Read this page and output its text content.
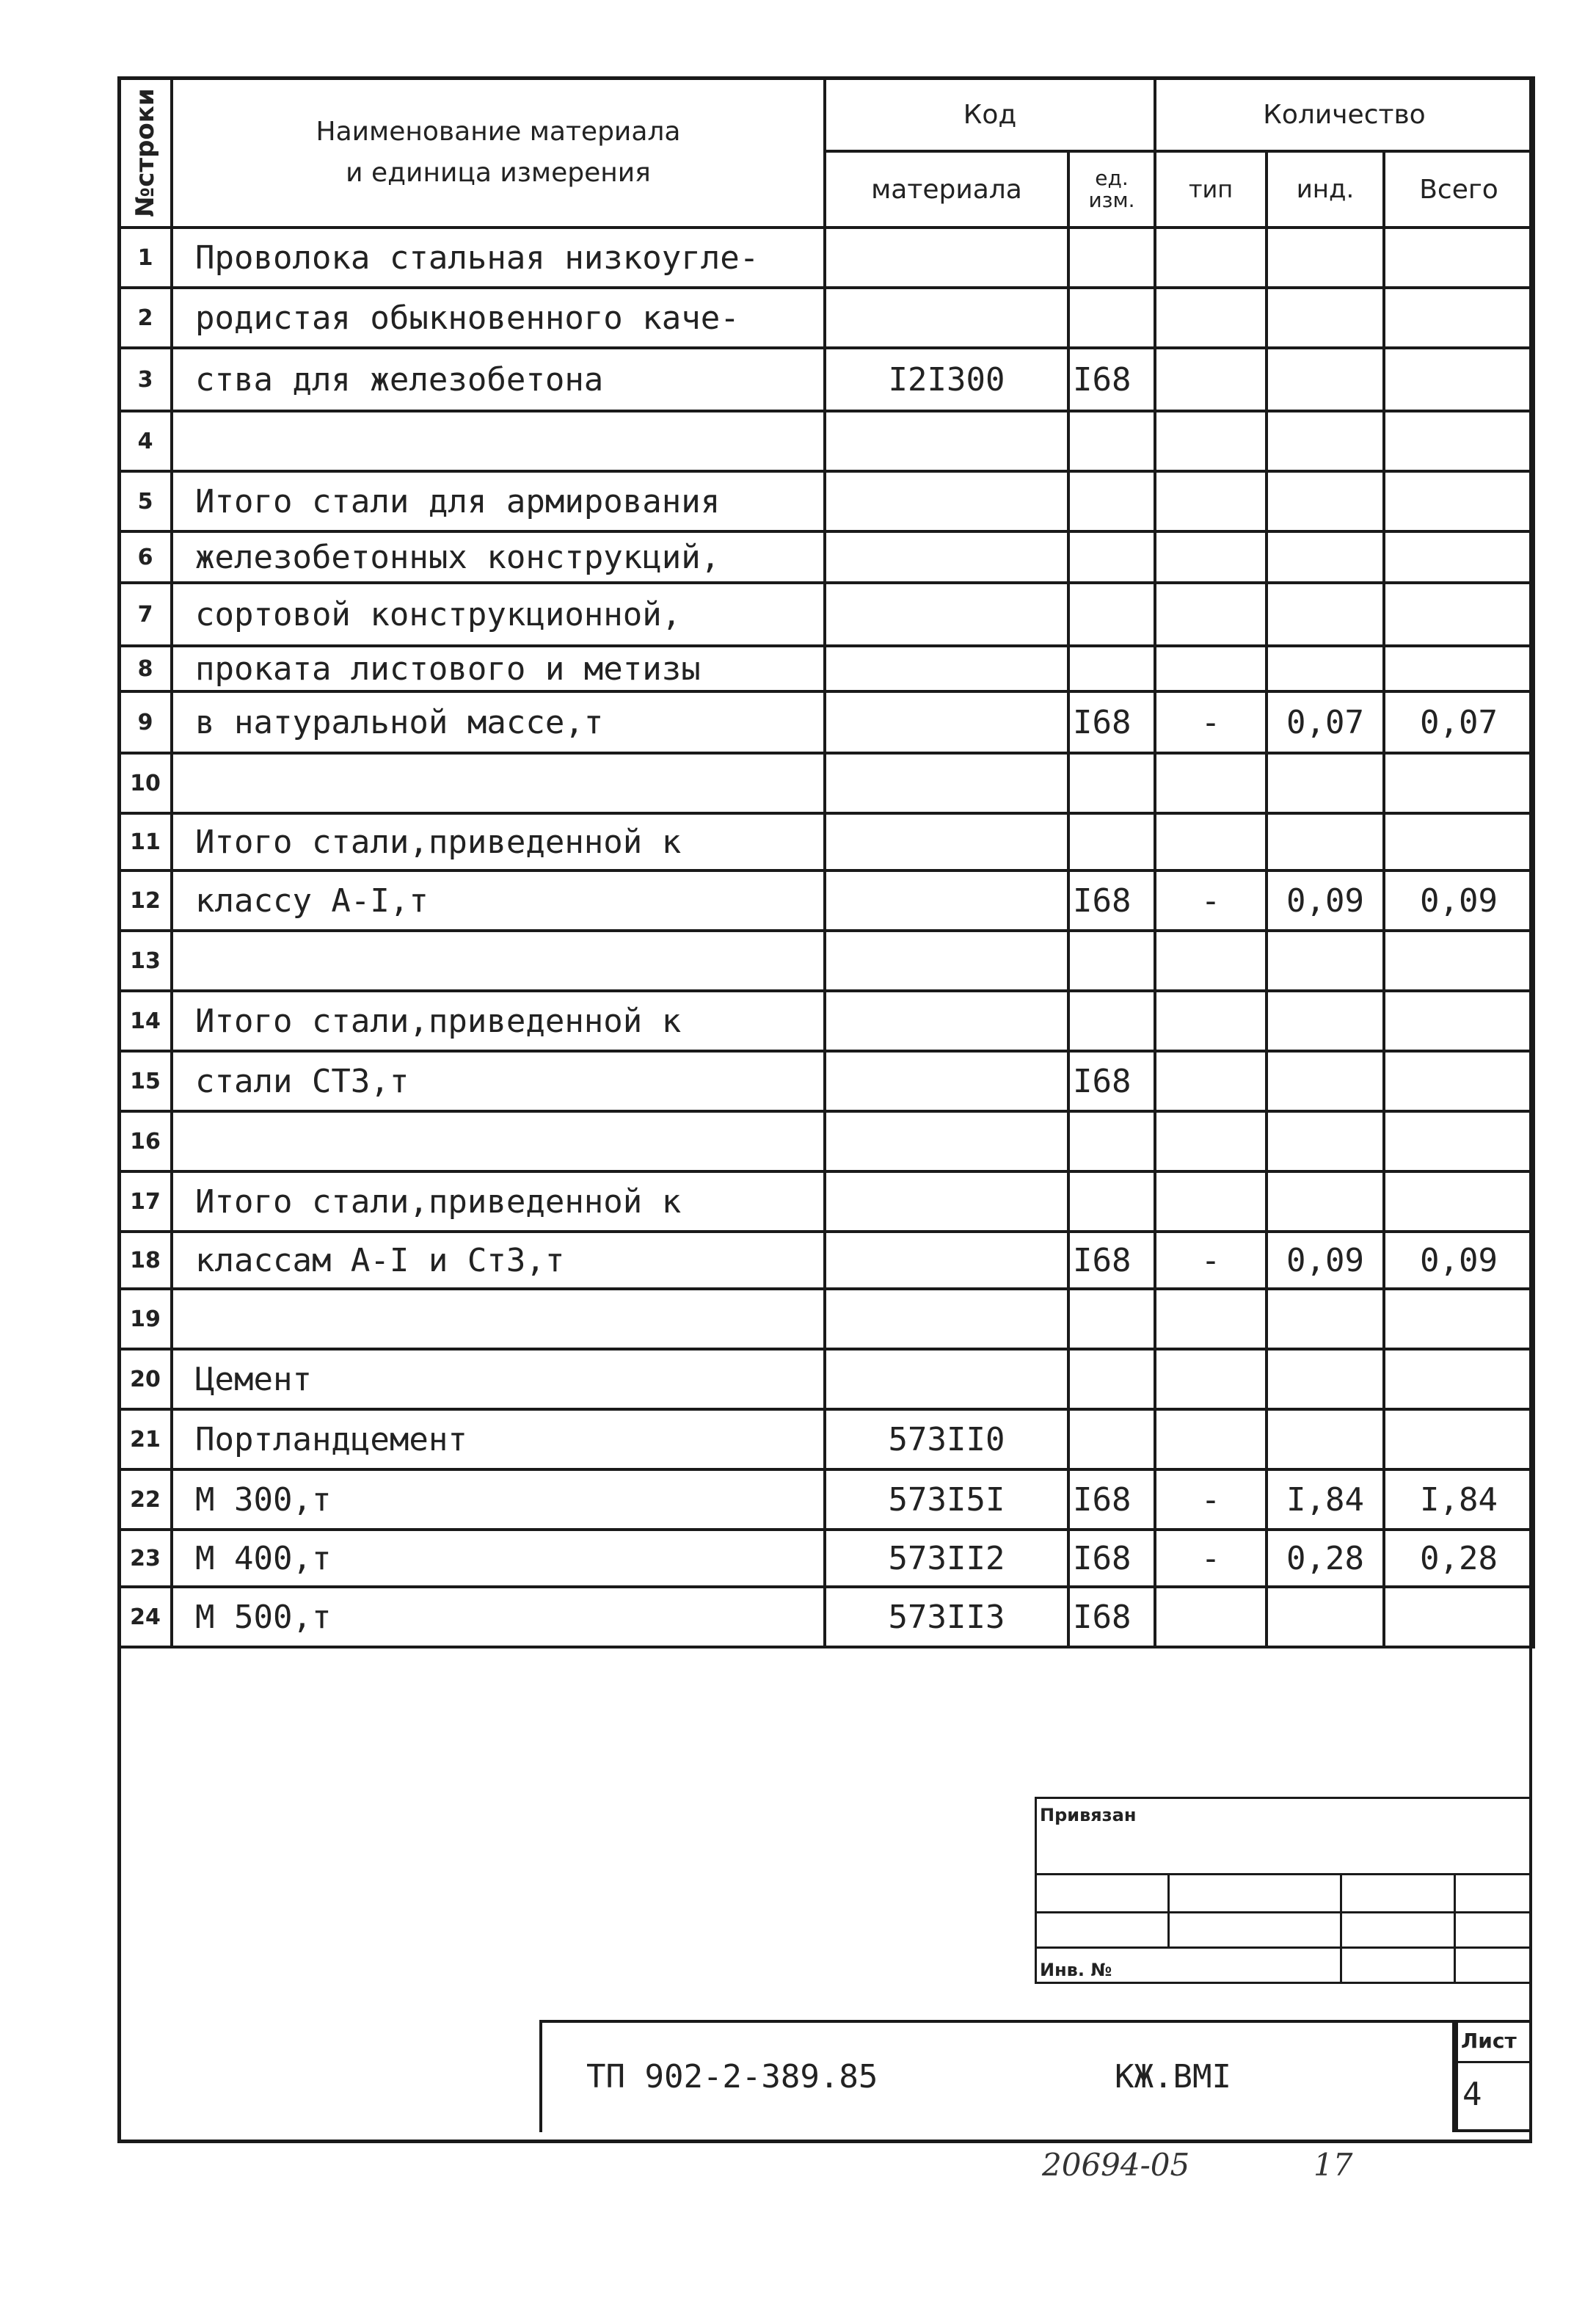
№строки	Наименование материала
и единица измерения	Код		Количество		
		материала	ед. изм.	тип	инд.	Всего
1	Проволока стальная низкоугле-					
2	родистая обыкновенного каче-					
3	ства для железобетона	I2I300	I68			
4						
5	Итого стали для армирования					
6	железобетонных конструкций,					
7	сортовой конструкционной,					
8	проката листового и метизы					
9	в натуральной массе,т		I68	-	0,07	0,07
10						
11	Итого стали,приведенной к					
12	классу А-I,т		I68	-	0,09	0,09
13						
14	Итого стали,приведенной к					
15	стали СТ3,т		I68			
16						
17	Итого стали,приведенной к					
18	классам А-I и Ст3,т		I68	-	0,09	0,09
19						
20	Цемент					
21	Портландцемент	573II0				
22	М 300,т	573I5I	I68	-	I,84	I,84
23	М 400,т	573II2	I68	-	0,28	0,28
24	М 500,т	573II3	I68			
Привязан			

Инв. №			
ТП 902-2-389.85	КЖ.ВМI
Лист
4
20694-05	17
